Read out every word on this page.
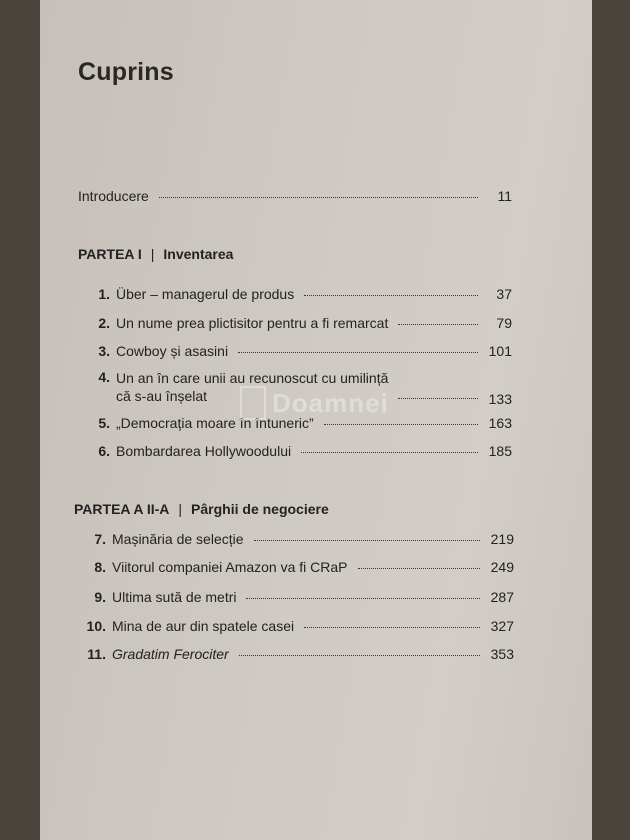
Cuprins
Introducere	11
PARTEA I | Inventarea
1. Über – managerul de produs	37
2. Un nume prea plictisitor pentru a fi remarcat	79
3. Cowboy și asasini	101
4. Un an în care unii au recunoscut cu umilință
că s-au înșelat	133
5. „Democrația moare în întuneric”	163
6. Bombardarea Hollywoodului	185
PARTEA A II-A | Pârghii de negociere
7. Mașinăria de selecție	219
8. Viitorul companiei Amazon va fi CRaP	249
9. Ultima sută de metri	287
10. Mina de aur din spatele casei	327
11. Gradatim Ferociter	353
Doamnei
